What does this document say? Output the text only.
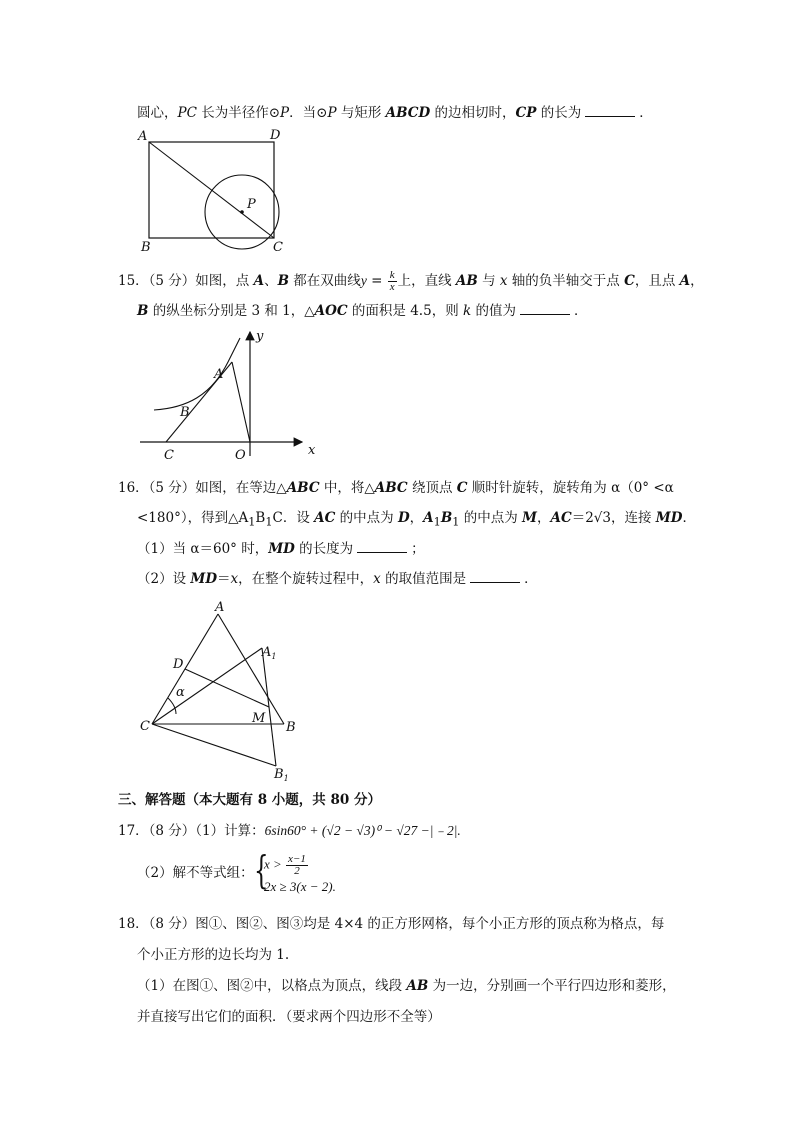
圆心，PC 长为半径作⊙P．当⊙P 与矩形 ABCD 的边相切时，CP 的长为	．
A	D
B	C
P
15．（5 分）如图，点 A、B 都在双曲线$y = \frac{k}{x}$ 上，直线 AB 与 x 轴的负半轴交于点 C，且点 A，
B 的纵坐标分别是 3 和 1，△AOC 的面积是 4.5，则 k 的值为	．
y
x
A
B
C	O
16．（5 分）如图，在等边△ABC 中，将△ABC 绕顶点 C 顺时针旋转，旋转角为 α（0° <α
<180°），得到$\triangle A_1B_1C$．设 AC 的中点为 D，$A_1B_1$ 的中点为 M，AC＝2√3，连接 MD．
（1）当 α＝60° 时，MD 的长度为	；
（2）设 MD＝x，在整个旋转过程中，x 的取值范围是	．
A
$A_1$
D
α
C
M
B
$B_1$
三、解答题（本大题有 8 小题，共 80 分）
17．（8 分）（1）计算：6sin60° + (√2 − √3)⁰ − √27 −|﹣2|.
（2）解不等式组： {
$x > \frac{x-1}{2}$
2x ≥ 3(x − 2).
18．（8 分）图①、图②、图③均是 4×4 的正方形网格，每个小正方形的顶点称为格点，每
个小正方形的边长均为 1.
（1）在图①、图②中，以格点为顶点，线段 AB 为一边，分别画一个平行四边形和菱形，
并直接写出它们的面积．（要求两个四边形不全等）
